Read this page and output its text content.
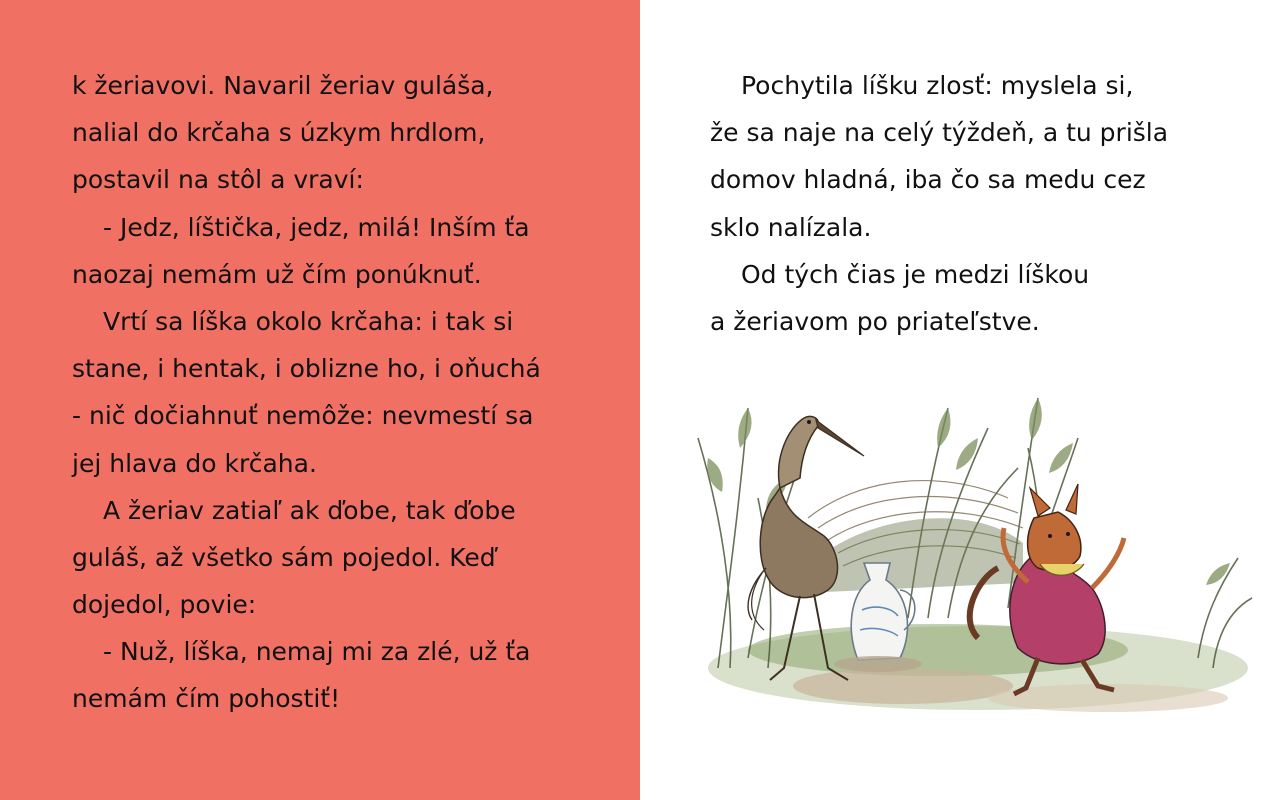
k žeriavovi. Navaril žeriav guláša,
nalial do krčaha s úzkym hrdlom,
postavil na stôl a vraví:
- Jedz, líštička, jedz, milá! Inším ťa
naozaj nemám už čím ponúknuť.
Vrtí sa líška okolo krčaha: i tak si
stane, i hentak, i oblizne ho, i oňuchá
- nič dočiahnuť nemôže: nevmestí sa
jej hlava do krčaha.
A žeriav zatiaľ ak ďobe, tak ďobe
guláš, až všetko sám pojedol. Keď
dojedol, povie:
- Nuž, líška, nemaj mi za zlé, už ťa
nemám čím pohostiť!

Pochytila líšku zlosť: myslela si,
že sa naje na celý týždeň, a tu prišla
domov hladná, iba čo sa medu cez
sklo nalízala.
Od tých čias je medzi líškou
a žeriavom po priateľstve.
